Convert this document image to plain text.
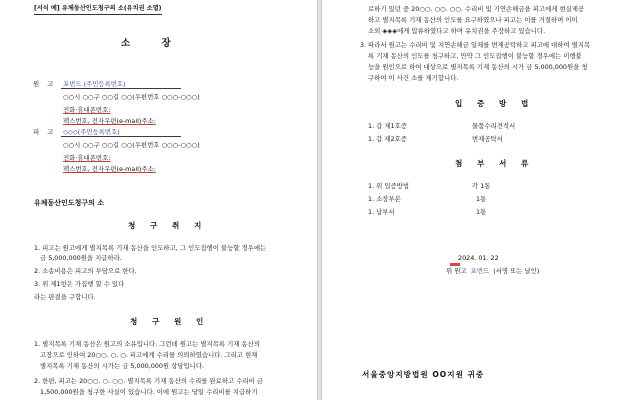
[서식 예] 유체동산인도청구의 소(유치권 소멸)
소 장
원 고 포번드 (주민등록번호)
○○시 ○○구 ○○길 ○○(우편번호 ○○○-○○○)
전화·휴대폰번호:
팩스번호, 전자우편(e-mail)주소:
피 고 ◇◇◇(주민등록번호)
○○시 ○○구 ○○길 ○○(우편번호 ○○○-○○○)
전화·휴대폰번호:
팩스번호, 전자우편(e-mail)주소:
유체동산인도청구의 소
청 구 취 지
1. 피고는 원고에게 별지목록 기재 동산을 인도하고, 그 인도집행이 불능할 경우에는
금 5,000,000원을 지급하라.
2. 소송비용은 피고의 부담으로 한다.
3. 위 제1항은 가집행 할 수 있다
라는 판결을 구합니다.
청 구 원 인
1. 별지목록 기재 동산은 원고의 소유입니다. 그런데 원고는 별지목록 기재 동산의
고장으로 인하여 20○○. ○. ○. 피고에게 수리를 의뢰하였습니다. 그리고 현재
별지목록 기재 동산의 시가는 금 5,000,000원 상당입니다.
2. 한편, 피고는 20○○. ○. ○○. 별지목록 기재 동산의 수리를 완료하고 수리비 금
1,500,000원을 청구한 사실이 있습니다. 이에 원고는 당일 수리비를 지급하기
로하기 있던 중 20○○. ○○. ○○. 수리비 및 기연손해금을 피고에게 현실제공
하고 별지목록 기재 동산의 인도를 요구하였으나 피고는 이를 거절하며 이미
소외 ◈◈◈에게 압류하였다고 하며 유치권을 주장하고 있습니다.
3. 따라서 원고는 수리비 및 지연손해금 일체를 변제공탁하고 피고에 대하여 별지목
록 기재 동산의 인도를 청구하고, 만약 그 인도집행이 불능할 경우에는 이행불
능을 원인으로 하여 대상으로 별지목록 기재 동산의 시가 금 5,000,000원을 청
구하여 이 사건 소를 제기합니다.
입 증 방 법
1. 갑 제1호증	물품수리견적서
1. 갑 제2호증	변제공탁서
첨 부 서 류
1. 위 입증방법	각 1통
1. 소장부본	1통
1. 납부서	1통
2024. 01. 22
위 원고 포번드 (서명 또는 날인)
서울중앙지방법원 OO지원 귀중
